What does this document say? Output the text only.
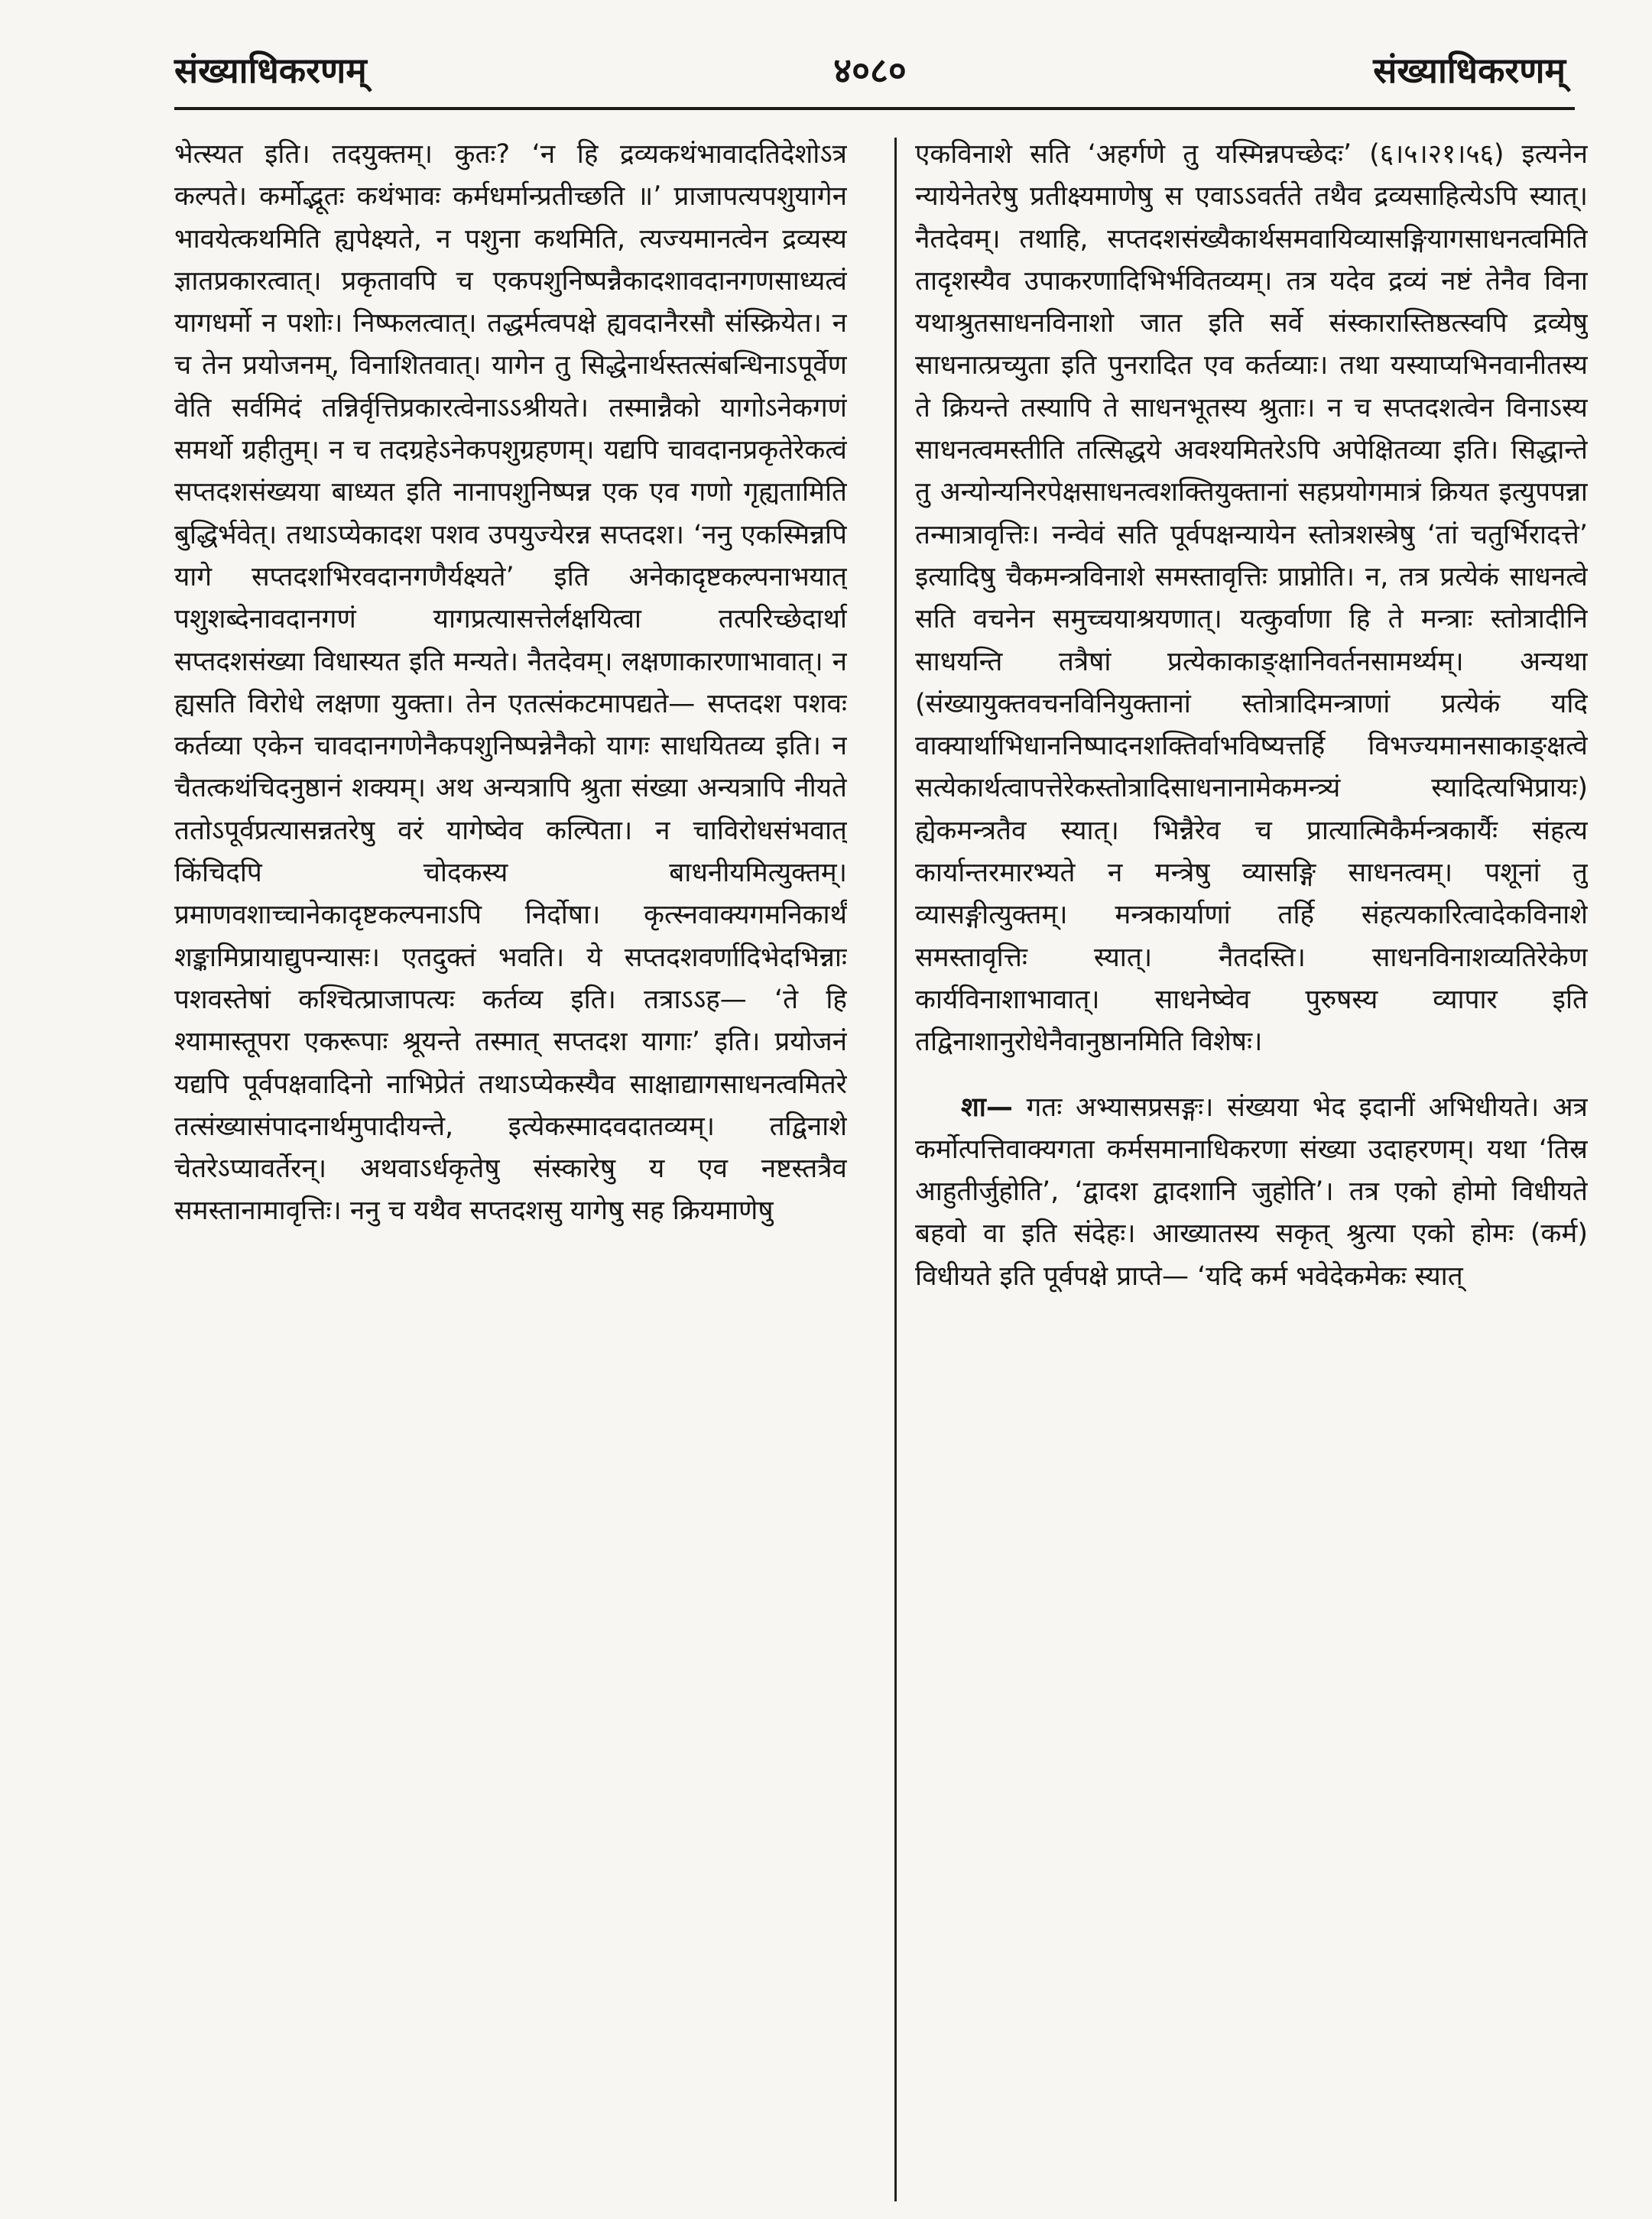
संख्याधिकरणम्	४०८०	संख्याधिकरणम्

भेत्स्यत इति। तदयुक्तम्। कुतः? ‘न हि द्रव्यकथंभावादतिदेशोऽत्र कल्पते। कर्मोद्भूतः कथंभावः कर्मधर्मान्प्रतीच्छति ॥’ प्राजापत्यपशुयागेन भावयेत्कथमिति ह्यपेक्ष्यते, न पशुना कथमिति, त्यज्यमानत्वेन द्रव्यस्य ज्ञातप्रकारत्वात्। प्रकृतावपि च एकपशुनिष्पन्नैकादशावदानगणसाध्यत्वं यागधर्मो न पशोः। निष्फलत्वात्। तद्धर्मत्वपक्षे ह्यवदानैरसौ संस्क्रियेत। न च तेन प्रयोजनम्, विनाशितवात्। यागेन तु सिद्धेनार्थस्तत्संबन्धिनाऽपूर्वेण वेति सर्वमिदं तन्निर्वृत्तिप्रकारत्वेनाऽऽश्रीयते। तस्मान्नैको यागोऽनेकगणं समर्थो ग्रहीतुम्। न च तदग्रहेऽनेकपशुग्रहणम्। यद्यपि चावदानप्रकृतेरेकत्वं सप्तदशसंख्यया बाध्यत इति नानापशुनिष्पन्न एक एव गणो गृह्यतामिति बुद्धिर्भवेत्। तथाऽप्येकादश पशव उपयुज्येरन्न सप्तदश। ‘ननु एकस्मिन्नपि यागे सप्तदशभिरवदानगणैर्यक्ष्यते’ इति अनेकादृष्टकल्पनाभयात् पशुशब्देनावदानगणं यागप्रत्यासत्तेर्लक्षयित्वा तत्परिच्छेदार्था सप्तदशसंख्या विधास्यत इति मन्यते। नैतदेवम्। लक्षणाकारणाभावात्। न ह्यसति विरोधे लक्षणा युक्ता। तेन एतत्संकटमापद्यते— सप्तदश पशवः कर्तव्या एकेन चावदानगणेनैकपशुनिष्पन्नेनैको यागः साधयितव्य इति। न चैतत्कथंचिदनुष्ठानं शक्यम्। अथ अन्यत्रापि श्रुता संख्या अन्यत्रापि नीयते ततोऽपूर्वप्रत्यासन्नतरेषु वरं यागेष्वेव कल्पिता। न चाविरोधसंभवात् किंचिदपि चोदकस्य बाधनीयमित्युक्तम्। प्रमाणवशाच्चानेकादृष्टकल्पनाऽपि निर्दोषा। कृत्स्नवाक्यगमनिकार्थं शङ्कामिप्रायाद्युपन्यासः। एतदुक्तं भवति। ये सप्तदशवर्णादिभेदभिन्नाः पशवस्तेषां कश्चित्प्राजापत्यः कर्तव्य इति। तत्राऽऽह— ‘ते हि श्यामास्तूपरा एकरूपाः श्रूयन्ते तस्मात् सप्तदश यागाः’ इति। प्रयोजनं यद्यपि पूर्वपक्षवादिनो नाभिप्रेतं तथाऽप्येकस्यैव साक्षाद्यागसाधनत्वमितरे तत्संख्यासंपादनार्थमुपादीयन्ते, इत्येकस्मादवदातव्यम्। तद्विनाशे चेतरेऽप्यावर्तेरन्। अथवाऽर्धकृतेषु संस्कारेषु य एव नष्टस्तत्रैव समस्तानामावृत्तिः। ननु च यथैव सप्तदशसु यागेषु सह क्रियमाणेषु

एकविनाशे सति ‘अहर्गणे तु यस्मिन्नपच्छेदः’ (६।५।२१।५६) इत्यनेन न्यायेनेतरेषु प्रतीक्ष्यमाणेषु स एवाऽऽवर्तते तथैव द्रव्यसाहित्येऽपि स्यात्। नैतदेवम्। तथाहि, सप्तदशसंख्यैकार्थसमवायिव्यासङ्गियागसाधनत्वमिति तादृशस्यैव उपाकरणादिभिर्भवितव्यम्। तत्र यदेव द्रव्यं नष्टं तेनैव विना यथाश्रुतसाधनविनाशो जात इति सर्वे संस्कारास्तिष्ठत्स्वपि द्रव्येषु साधनात्प्रच्युता इति पुनरादित एव कर्तव्याः। तथा यस्याप्यभिनवानीतस्य ते क्रियन्ते तस्यापि ते साधनभूतस्य श्रुताः। न च सप्तदशत्वेन विनाऽस्य साधनत्वमस्तीति तत्सिद्धये अवश्यमितरेऽपि अपेक्षितव्या इति। सिद्धान्ते तु अन्योन्यनिरपेक्षसाधनत्वशक्तियुक्तानां सहप्रयोगमात्रं क्रियत इत्युपपन्ना तन्मात्रावृत्तिः। नन्वेवं सति पूर्वपक्षन्यायेन स्तोत्रशस्त्रेषु ‘तां चतुर्भिरादत्ते’ इत्यादिषु चैकमन्त्रविनाशे समस्तावृत्तिः प्राप्नोति। न, तत्र प्रत्येकं साधनत्वे सति वचनेन समुच्चयाश्रयणात्। यत्कुर्वाणा हि ते मन्त्राः स्तोत्रादीनि साधयन्ति तत्रैषां प्रत्येकाकाङ्क्षानिवर्तनसामर्थ्यम्। अन्यथा (संख्यायुक्तवचनविनियुक्तानां स्तोत्रादिमन्त्राणां प्रत्येकं यदि वाक्यार्थाभिधाननिष्पादनशक्तिर्वाभविष्यत्तर्हि विभज्यमानसाकाङ्क्षत्वे सत्येकार्थत्वापत्तेरेकस्तोत्रादिसाधनानामेकमन्त्र्यं स्यादित्यभिप्रायः) ह्येकमन्त्रतैव स्यात्। भिन्नैरेव च प्रात्यात्मिकैर्मन्त्रकार्यैः संहत्य कार्यान्तरमारभ्यते न मन्त्रेषु व्यासङ्गि साधनत्वम्। पशूनां तु व्यासङ्गीत्युक्तम्। मन्त्रकार्याणां तर्हि संहत्यकारित्वादेकविनाशे समस्तावृत्तिः स्यात्। नैतदस्ति। साधनविनाशव्यतिरेकेण कार्यविनाशाभावात्। साधनेष्वेव पुरुषस्य व्यापार इति तद्विनाशानुरोधेनैवानुष्ठानमिति विशेषः।

शा— गतः अभ्यासप्रसङ्गः। संख्यया भेद इदानीं अभिधीयते। अत्र कर्मोत्पत्तिवाक्यगता कर्मसमानाधिकरणा संख्या उदाहरणम्। यथा ‘तिस्र आहुतीर्जुहोति’, ‘द्वादश द्वादशानि जुहोति’। तत्र एको होमो विधीयते बहवो वा इति संदेहः। आख्यातस्य सकृत् श्रुत्या एको होमः (कर्म) विधीयते इति पूर्वपक्षे प्राप्ते— ‘यदि कर्म भवेदेकमेकः स्यात्
